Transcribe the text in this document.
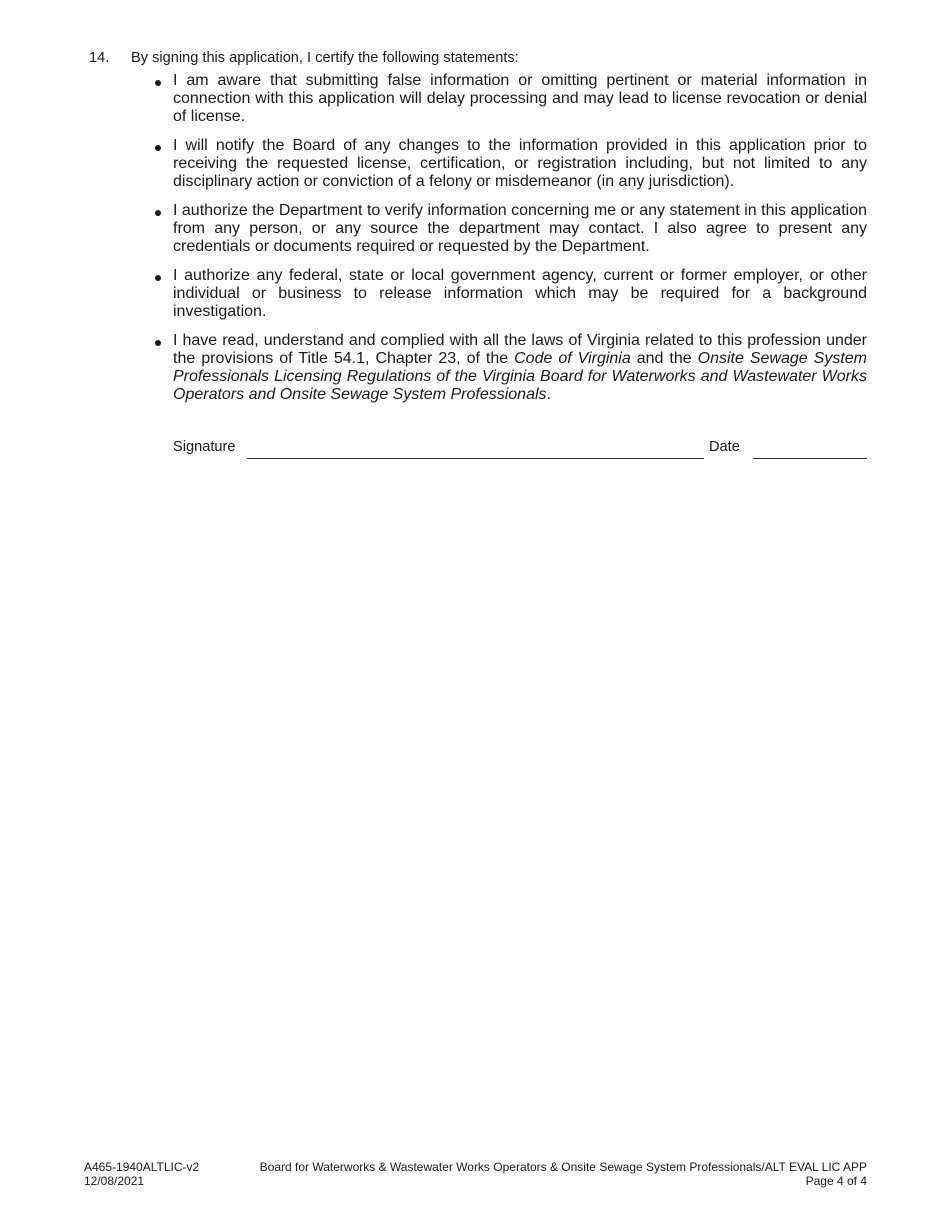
14. By signing this application, I certify the following statements:
I am aware that submitting false information or omitting pertinent or material information in connection with this application will delay processing and may lead to license revocation or denial of license.
I will notify the Board of any changes to the information provided in this application prior to receiving the requested license, certification, or registration including, but not limited to any disciplinary action or conviction of a felony or misdemeanor (in any jurisdiction).
I authorize the Department to verify information concerning me or any statement in this application from any person, or any source the department may contact. I also agree to present any credentials or documents required or requested by the Department.
I authorize any federal, state or local government agency, current or former employer, or other individual or business to release information which may be required for a background investigation.
I have read, understand and complied with all the laws of Virginia related to this profession under the provisions of Title 54.1, Chapter 23, of the Code of Virginia and the Onsite Sewage System Professionals Licensing Regulations of the Virginia Board for Waterworks and Wastewater Works Operators and Onsite Sewage System Professionals.
Signature	Date
A465-1940ALTLIC-v2
12/08/2021
Board for Waterworks & Wastewater Works Operators & Onsite Sewage System Professionals/ALT EVAL LIC APP
Page 4 of 4
